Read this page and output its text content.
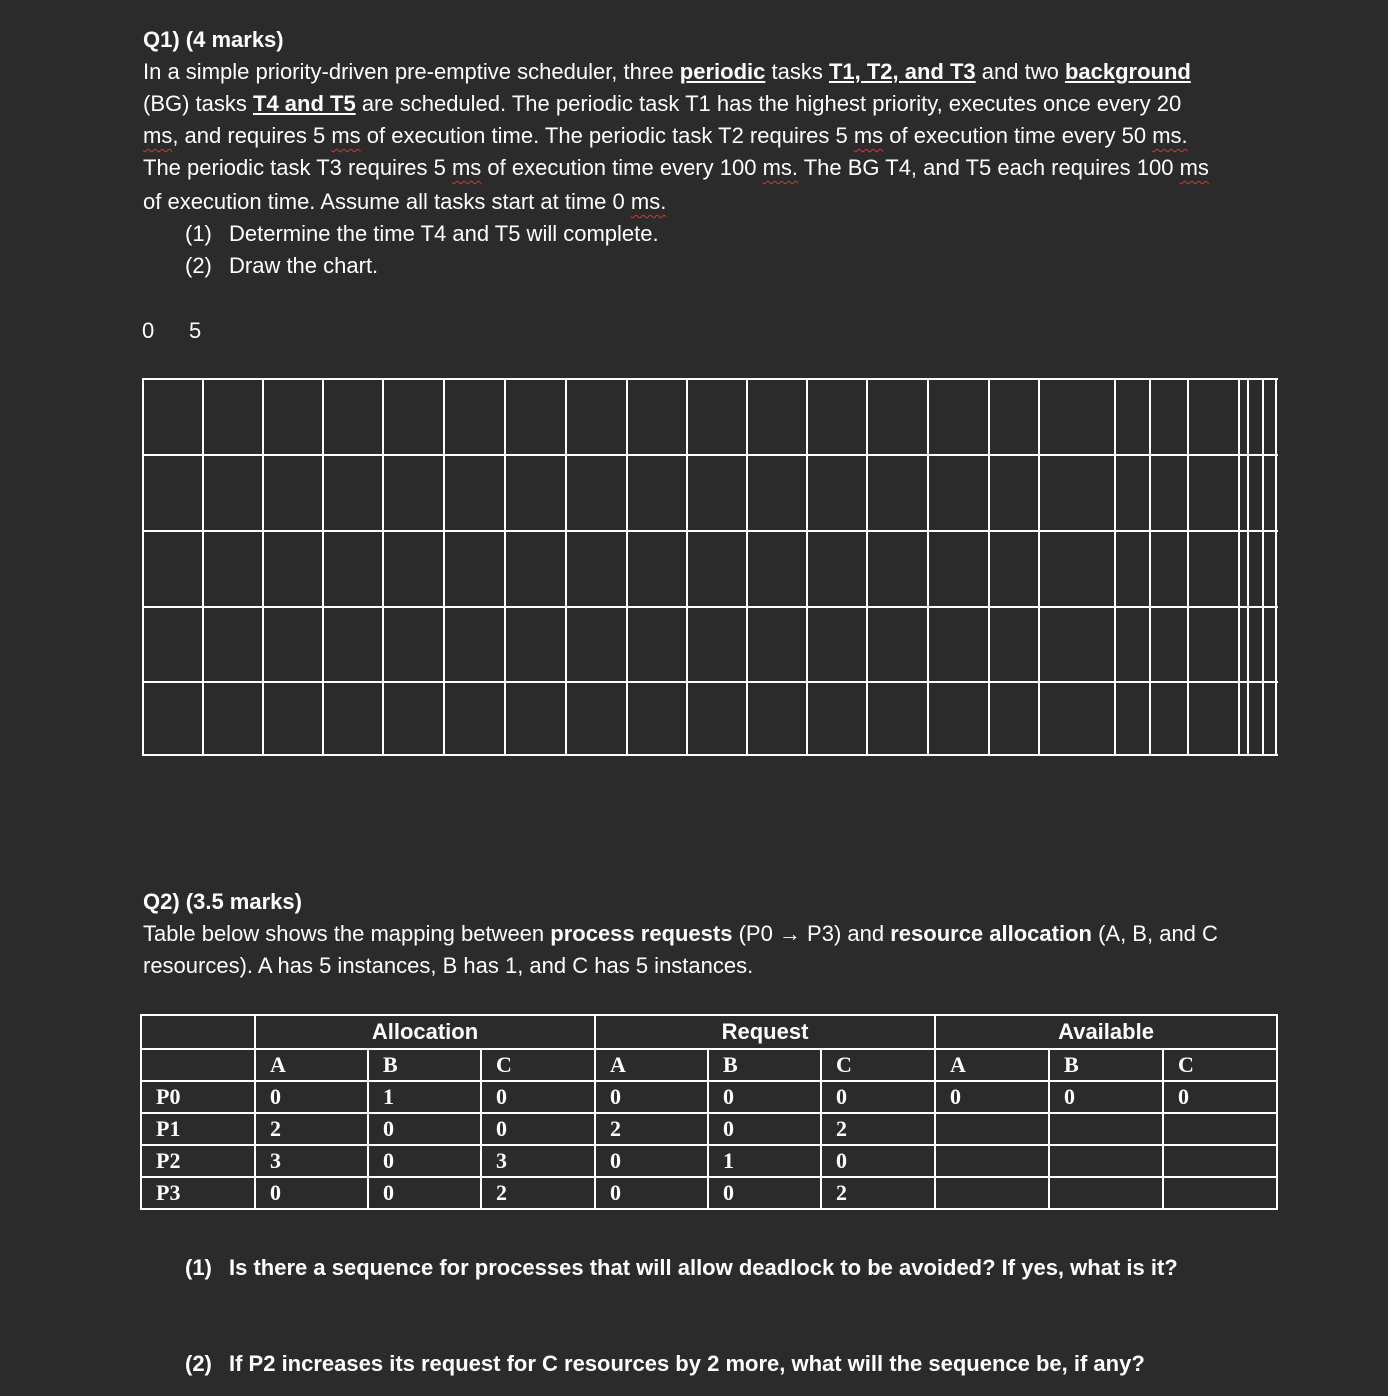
Q1) (4 marks)
In a simple priority-driven pre-emptive scheduler, three periodic tasks T1, T2, and T3 and two background
(BG) tasks T4 and T5 are scheduled. The periodic task T1 has the highest priority, executes once every 20
ms, and requires 5 ms of execution time. The periodic task T2 requires 5 ms of execution time every 50 ms.
The periodic task T3 requires 5 ms of execution time every 100 ms. The BG T4, and T5 each requires 100 ms
of execution time. Assume all tasks start at time 0 ms.
(1) Determine the time T4 and T5 will complete.
(2) Draw the chart.
0 5
Q2) (3.5 marks)
Table below shows the mapping between process requests (P0 → P3) and resource allocation (A, B, and C
resources). A has 5 instances, B has 1, and C has 5 instances.
	Allocation			Request			Available		
	A	B	C	A	B	C	A	B	C
P0	0	1	0	0	0	0	0	0	0
P1	2	0	0	2	0	2			
P2	3	0	3	0	1	0			
P3	0	0	2	0	0	2			
(1) Is there a sequence for processes that will allow deadlock to be avoided? If yes, what is it?
(2) If P2 increases its request for C resources by 2 more, what will the sequence be, if any?
